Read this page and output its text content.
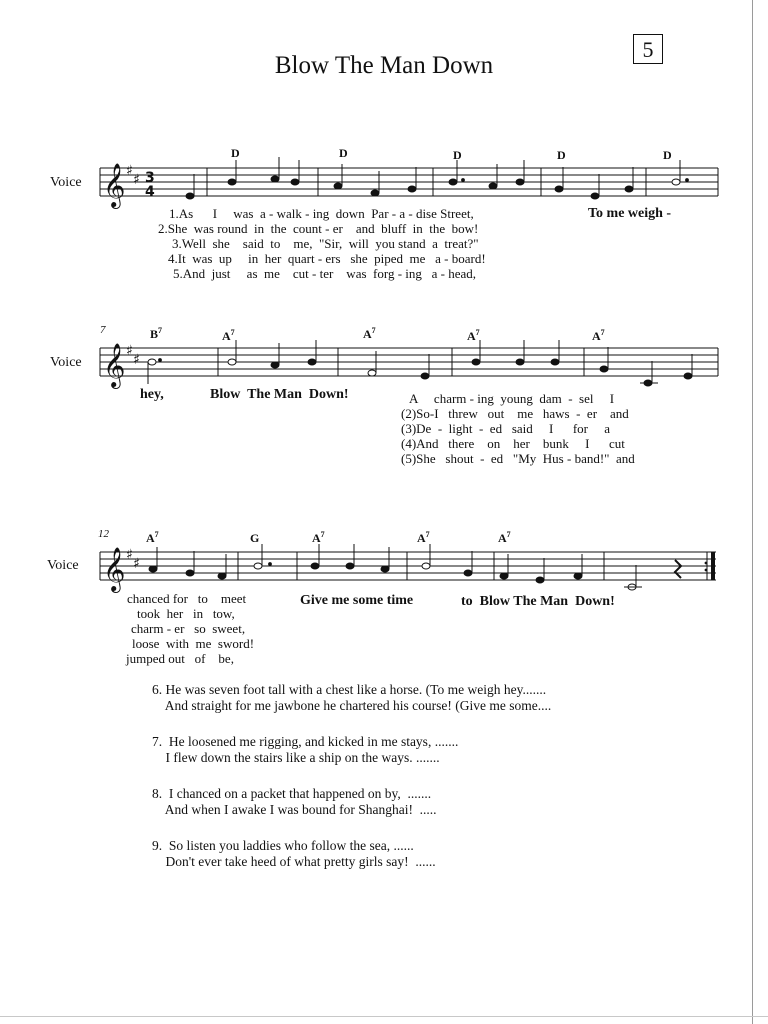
5
Blow The Man Down
Voice
D	D	D	D	D
𝄞
𝄞
𝄞
♯
♯
♯
♯
♯
♯
3
4
1.As      I     was  a - walk - ing  down  Par - a - dise Street,	To me weigh -
2.She  was round  in  the  count - er    and  bluff  in  the  bow!
3.Well  she    said  to    me,  "Sir,  will  you stand  a  treat?"
4.It  was  up     in  her  quart - ers   she  piped  me   a - board!
5.And  just     as  me    cut - ter    was  forg - ing   a - head,
7
Voice
$B^7$	$A^7$	$A^7$	$A^7$	$A^7$
hey,	Blow  The Man  Down!	A     charm - ing  young  dam  -  sel     I
(2)So-I   threw   out    me   haws  -  er    and
(3)De  -  light  -  ed   said     I      for     a
(4)And   there    on    her    bunk     I      cut
(5)She   shout  -  ed   "My  Hus - band!"  and
12
Voice
$A^7$	G	$A^7$	$A^7$	$A^7$
chanced for   to    meet
took  her   in   tow,
charm - er   so  sweet,
loose  with  me  sword!
jumped out   of    be,
Give me some time	to  Blow The Man  Down!
6. He was seven foot tall with a chest like a horse. (To me weigh hey.......
And straight for me jawbone he chartered his course! (Give me some....
7.  He loosened me rigging, and kicked in me stays, .......
I flew down the stairs like a ship on the ways. .......
8.  I chanced on a packet that happened on by,  .......
And when I awake I was bound for Shanghai!  .....
9.  So listen you laddies who follow the sea, ......
Don't ever take heed of what pretty girls say!  ......
